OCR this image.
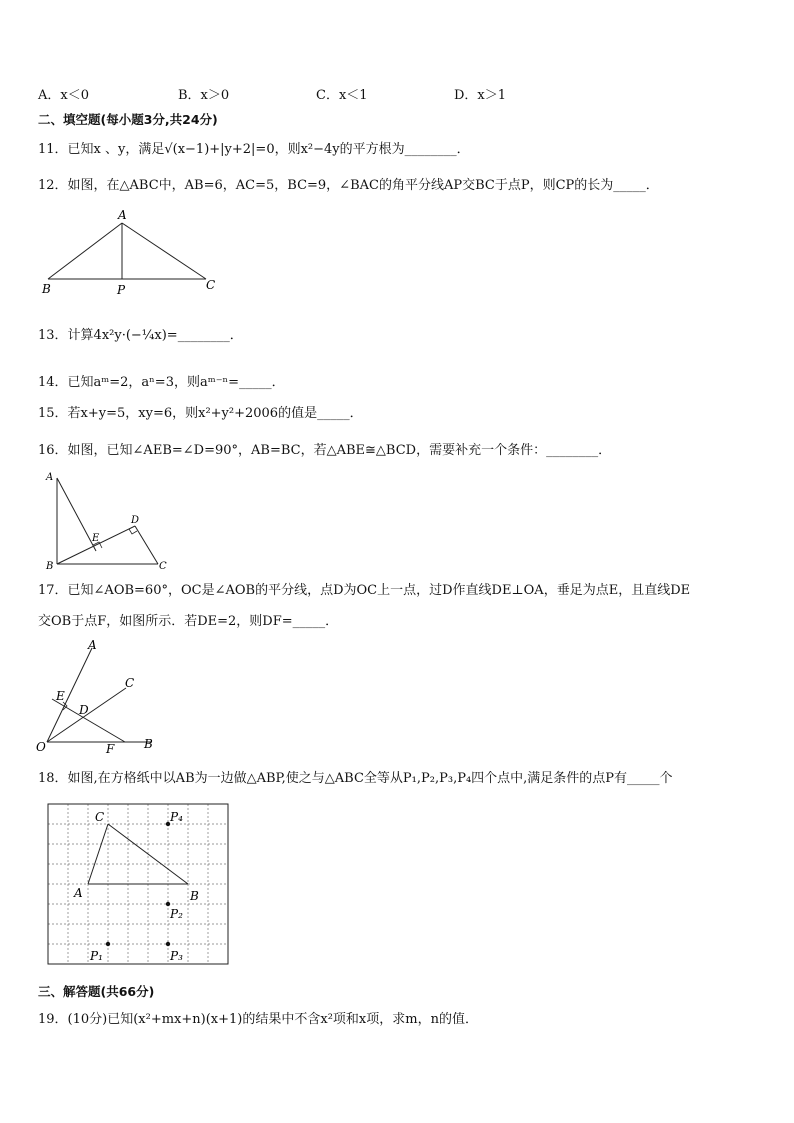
A．x＜0	B．x＞0	C．x＜1	D．x＞1
二、填空题(每小题3分,共24分)
11．已知x 、y，满足√(x−1)+|y+2|=0，则x²−4y的平方根为________．
12．如图，在△ABC中，AB=6，AC=5，BC=9，∠BAC的角平分线AP交BC于点P，则CP的长为_____．
A
B	C
P
13．计算4x²y·(−¼x)=________．
14．已知aᵐ=2，aⁿ=3，则aᵐ⁻ⁿ=_____．
15．若x+y=5，xy=6，则x²+y²+2006的值是_____．
16．如图，已知∠AEB=∠D=90°，AB=BC，若△ABE≅△BCD，需要补充一个条件：________．
A
B	C
D
E
17．已知∠AOB=60°，OC是∠AOB的平分线，点D为OC上一点，过D作直线DE⊥OA，垂足为点E，且直线DE
交OB于点F，如图所示．若DE=2，则DF=_____．
A
B
C
D
E
F
O
18．如图,在方格纸中以AB为一边做△ABP,使之与△ABC全等从P₁,P₂,P₃,P₄四个点中,满足条件的点P有_____个
C
A	B
P₄
P₂
P₁	P₃
三、解答题(共66分)
19．(10分)已知(x²+mx+n)(x+1)的结果中不含x²项和x项，求m，n的值．
